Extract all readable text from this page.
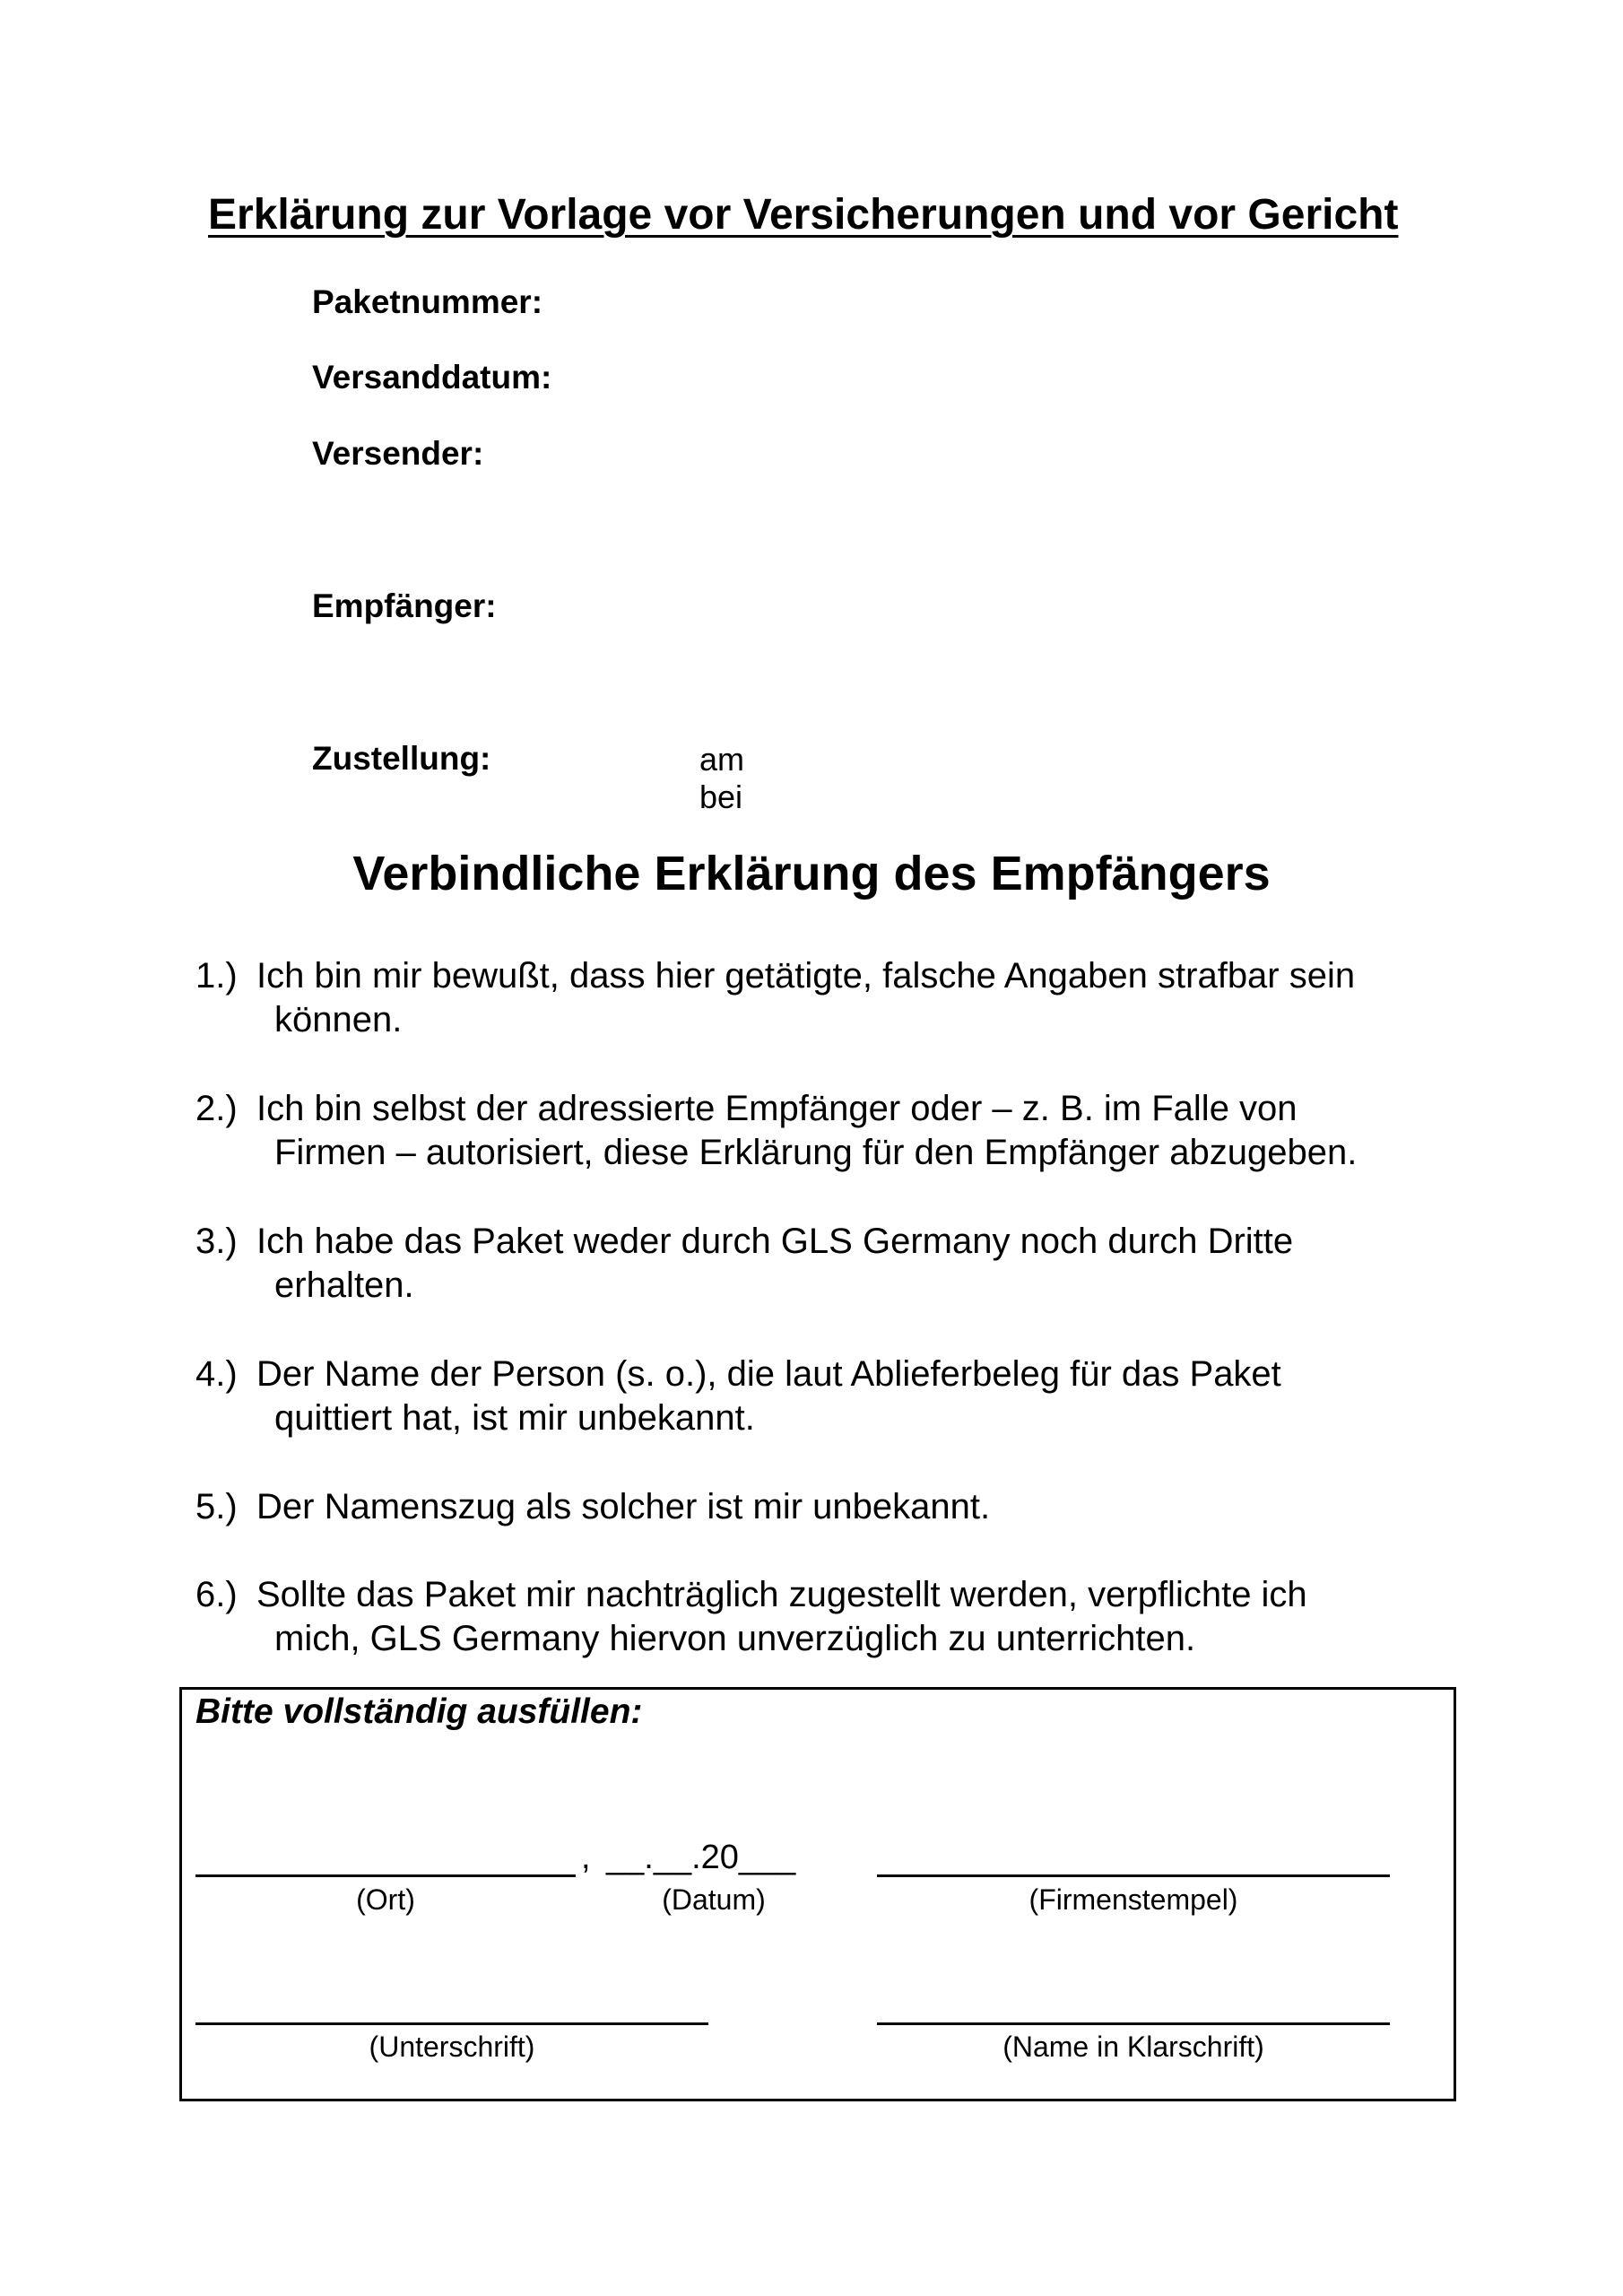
Erklärung zur Vorlage vor Versicherungen und vor Gericht
Paketnummer:
Versanddatum:
Versender:
Empfänger:
Zustellung:	am
bei
Verbindliche Erklärung des Empfängers
1.) Ich bin mir bewußt, dass hier getätigte, falsche Angaben strafbar sein
können.
2.) Ich bin selbst der adressierte Empfänger oder – z. B. im Falle von
Firmen – autorisiert, diese Erklärung für den Empfänger abzugeben.
3.) Ich habe das Paket weder durch GLS Germany noch durch Dritte
erhalten.
4.) Der Name der Person (s. o.), die laut Ablieferbeleg für das Paket
quittiert hat, ist mir unbekannt.
5.) Der Namenszug als solcher ist mir unbekannt.
6.) Sollte das Paket mir nachträglich zugestellt werden, verpflichte ich
mich, GLS Germany hiervon unverzüglich zu unterrichten.
Bitte vollständig ausfüllen:
, __.__.20___
(Ort)	(Datum)	(Firmenstempel)
(Unterschrift)	(Name in Klarschrift)
